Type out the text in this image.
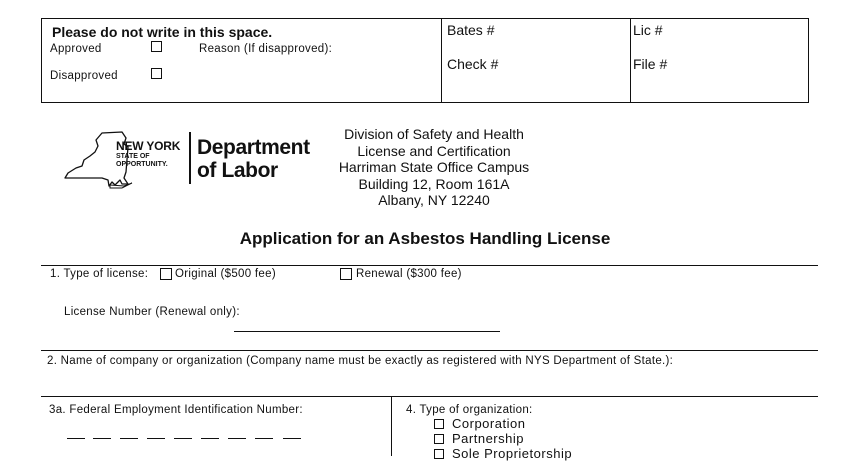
Please do not write in this space.
Approved	Reason (If disapproved):
Disapproved
Bates #
Check #
Lic #
File #
NEW YORK
STATE OF
OPPORTUNITY.
Department
of Labor
Division of Safety and Health
License and Certification
Harriman State Office Campus
Building 12, Room 161A
Albany, NY 12240
Application for an Asbestos Handling License
1. Type of license: Original ($500 fee)	Renewal ($300 fee)
License Number (Renewal only):
2. Name of company or organization (Company name must be exactly as registered with NYS Department of State.):
3a. Federal Employment Identification Number:	4. Type of organization:
Corporation
Partnership
Sole Proprietorship
